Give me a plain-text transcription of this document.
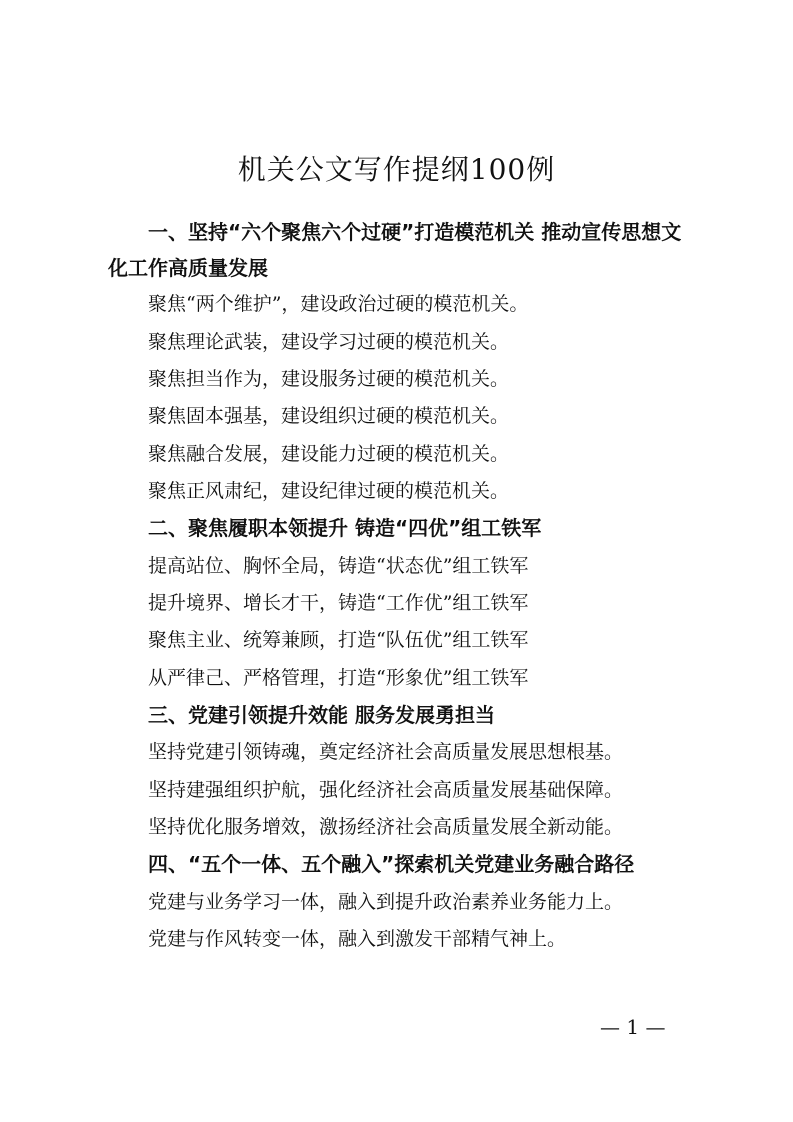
机关公文写作提纲100例
一、坚持“六个聚焦六个过硬”打造模范机关 推动宣传思想文化工作高质量发展
聚焦“两个维护”，建设政治过硬的模范机关。
聚焦理论武装，建设学习过硬的模范机关。
聚焦担当作为，建设服务过硬的模范机关。
聚焦固本强基，建设组织过硬的模范机关。
聚焦融合发展，建设能力过硬的模范机关。
聚焦正风肃纪，建设纪律过硬的模范机关。
二、聚焦履职本领提升 铸造“四优”组工铁军
提高站位、胸怀全局，铸造“状态优”组工铁军
提升境界、增长才干，铸造“工作优”组工铁军
聚焦主业、统筹兼顾，打造“队伍优”组工铁军
从严律己、严格管理，打造“形象优”组工铁军
三、党建引领提升效能 服务发展勇担当
坚持党建引领铸魂，奠定经济社会高质量发展思想根基。
坚持建强组织护航，强化经济社会高质量发展基础保障。
坚持优化服务增效，激扬经济社会高质量发展全新动能。
四、“五个一体、五个融入”探索机关党建业务融合路径
党建与业务学习一体，融入到提升政治素养业务能力上。
党建与作风转变一体，融入到激发干部精气神上。
— 1 —
